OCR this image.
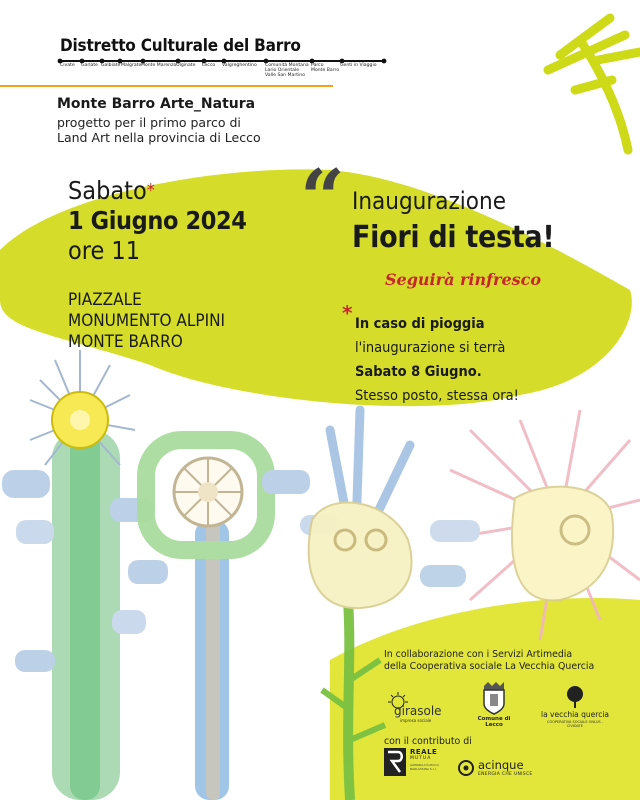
Distretto Culturale del Barro
Civate Garlate Galbiate Malgrate Monte Marenzo Olginate Lecco Valgreghentino Comunità Montana
Lario Orientale
Valle San Martino
Parco
Monte Barro
Genti in Viaggio
Monte Barro Arte_Natura
progetto per il primo parco di
Land Art nella provincia di Lecco
Sabato*
1 Giugno 2024
ore 11
PIAZZALE
MONUMENTO ALPINI
MONTE BARRO
“ Inaugurazione
Fiori di testa!
Seguirà rinfresco
* In caso di pioggia
l'inaugurazione si terrà
Sabato 8 Giugno.
Stesso posto, stessa ora!
In collaborazione con i Servizi Artimedia
della Cooperativa sociale La Vecchia Quercia
girasole
impresa sociale	Comune di Lecco
la vecchia quercia
COOPERATIVA SOCIALE ONLUS - CIVIDATE
con il contributo di
REALE
MUTUA
AGENZIA DI LECCO BARLASSINA S.r.l.	acinque
ENERGIA CHE UNISCE
